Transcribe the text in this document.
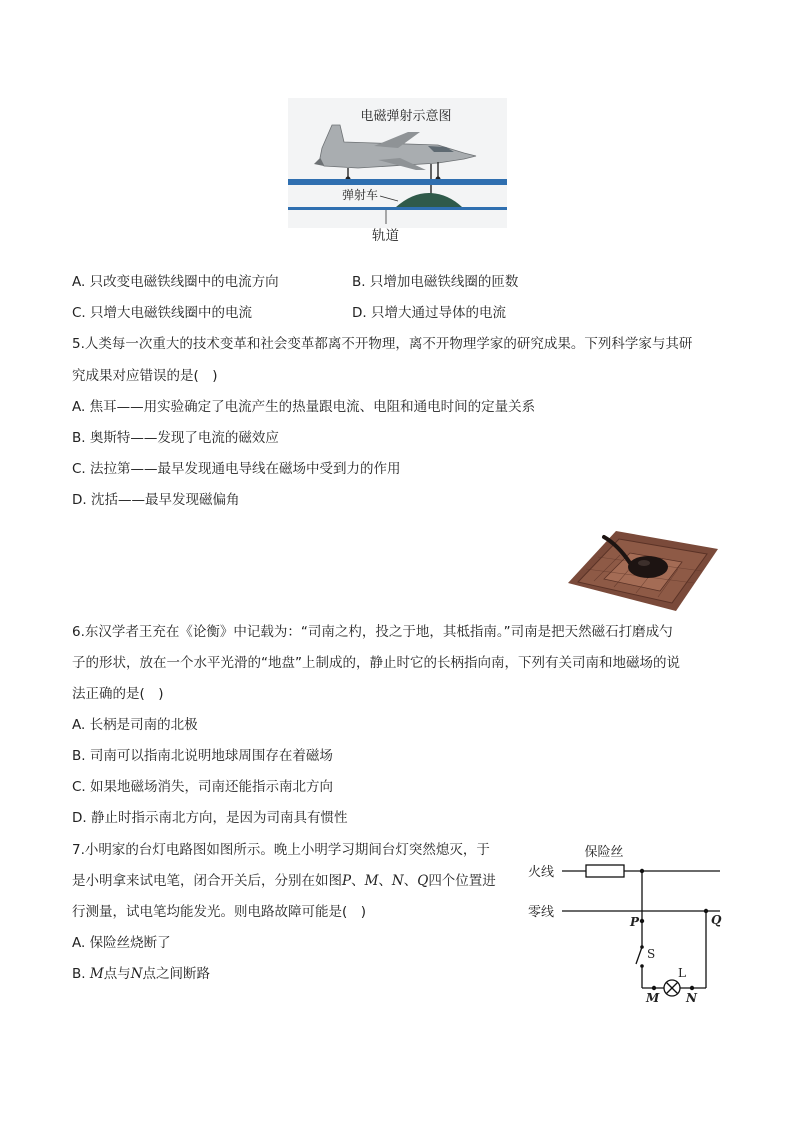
电磁弹射示意图
弹射车
轨道
A. 只改变电磁铁线圈中的电流方向	B. 只增加电磁铁线圈的匝数
C. 只增大电磁铁线圈中的电流	D. 只增大通过导体的电流
5.人类每一次重大的技术变革和社会变革都离不开物理，离不开物理学家的研究成果。下列科学家与其研
究成果对应错误的是(　)
A. 焦耳——用实验确定了电流产生的热量跟电流、电阻和通电时间的定量关系
B. 奥斯特——发现了电流的磁效应
C. 法拉第——最早发现通电导线在磁场中受到力的作用
D. 沈括——最早发现磁偏角
6.东汉学者王充在《论衡》中记载为：“司南之杓，投之于地，其柢指南。”司南是把天然磁石打磨成勺
子的形状，放在一个水平光滑的“地盘”上制成的，静止时它的长柄指向南，下列有关司南和地磁场的说
法正确的是(　)
A. 长柄是司南的北极
B. 司南可以指南北说明地球周围存在着磁场
C. 如果地磁场消失，司南还能指示南北方向
D. 静止时指示南北方向，是因为司南具有惯性
7.小明家的台灯电路图如图所示。晚上小明学习期间台灯突然熄灭，于
是小明拿来试电笔，闭合开关后，分别在如图P、M、N、Q四个位置进
行测量，试电笔均能发光。则电路故障可能是(　)
A. 保险丝烧断了
B. M点与N点之间断路
保险丝
火线
零线
P	Q
S
L
M N
